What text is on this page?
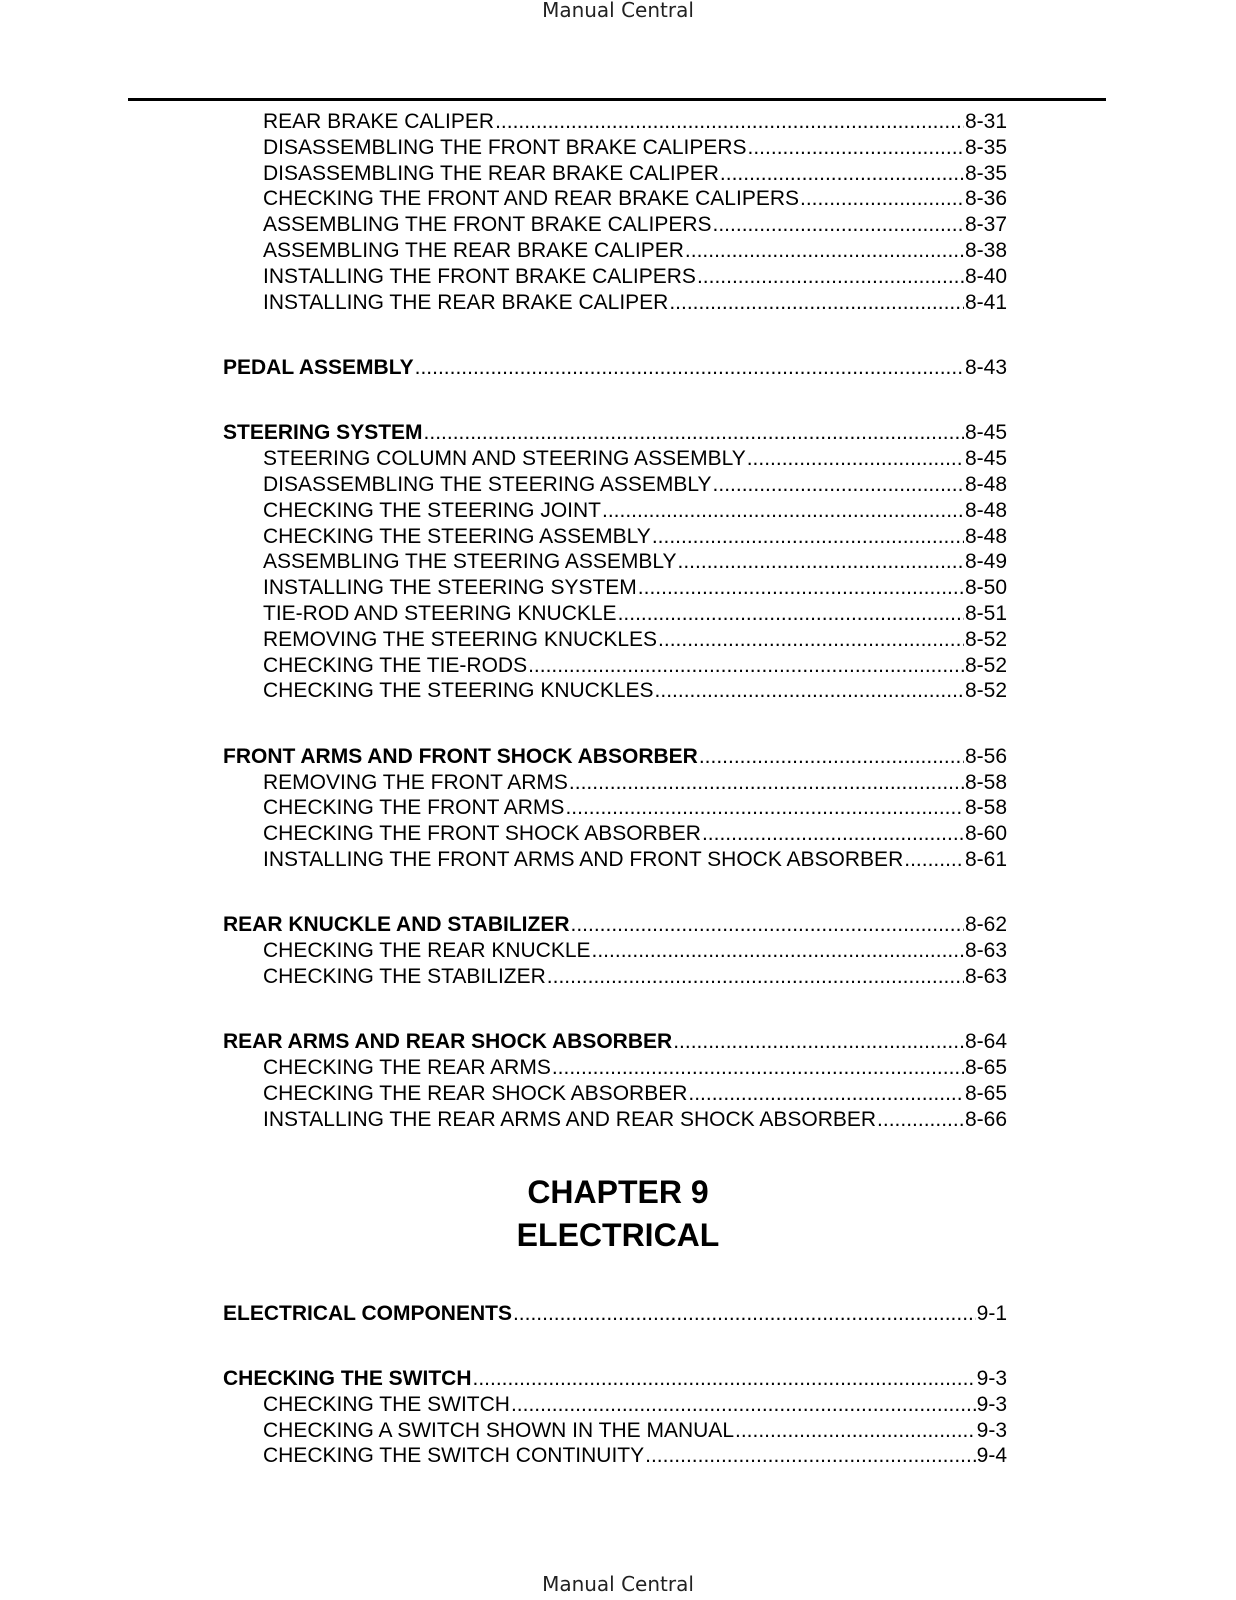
Manual Central
CHAPTER 9
ELECTRICAL
REAR BRAKE CALIPER .....	8-31
DISASSEMBLING THE FRONT BRAKE CALIPERS .....	8-35
DISASSEMBLING THE REAR BRAKE CALIPER .....	8-35
CHECKING THE FRONT AND REAR BRAKE CALIPERS .....	8-36
ASSEMBLING THE FRONT BRAKE CALIPERS .....	8-37
ASSEMBLING THE REAR BRAKE CALIPER .....	8-38
INSTALLING THE FRONT BRAKE CALIPERS .....	8-40
INSTALLING THE REAR BRAKE CALIPER .....	8-41
PEDAL ASSEMBLY .....	8-43
STEERING SYSTEM .....	8-45
STEERING COLUMN AND STEERING ASSEMBLY .....	8-45
DISASSEMBLING THE STEERING ASSEMBLY .....	8-48
CHECKING THE STEERING JOINT .....	8-48
CHECKING THE STEERING ASSEMBLY .....	8-48
ASSEMBLING THE STEERING ASSEMBLY .....	8-49
INSTALLING THE STEERING SYSTEM .....	8-50
TIE-ROD AND STEERING KNUCKLE .....	8-51
REMOVING THE STEERING KNUCKLES .....	8-52
CHECKING THE TIE-RODS .....	8-52
CHECKING THE STEERING KNUCKLES .....	8-52
FRONT ARMS AND FRONT SHOCK ABSORBER .....	8-56
REMOVING THE FRONT ARMS .....	8-58
CHECKING THE FRONT ARMS .....	8-58
CHECKING THE FRONT SHOCK ABSORBER .....	8-60
INSTALLING THE FRONT ARMS AND FRONT SHOCK ABSORBER .....	8-61
REAR KNUCKLE AND STABILIZER .....	8-62
CHECKING THE REAR KNUCKLE .....	8-63
CHECKING THE STABILIZER .....	8-63
REAR ARMS AND REAR SHOCK ABSORBER .....	8-64
CHECKING THE REAR ARMS .....	8-65
CHECKING THE REAR SHOCK ABSORBER .....	8-65
INSTALLING THE REAR ARMS AND REAR SHOCK ABSORBER .....	8-66
ELECTRICAL COMPONENTS .....	9-1
CHECKING THE SWITCH .....	9-3
CHECKING THE SWITCH .....	9-3
CHECKING A SWITCH SHOWN IN THE MANUAL .....	9-3
CHECKING THE SWITCH CONTINUITY .....	9-4
Manual Central
